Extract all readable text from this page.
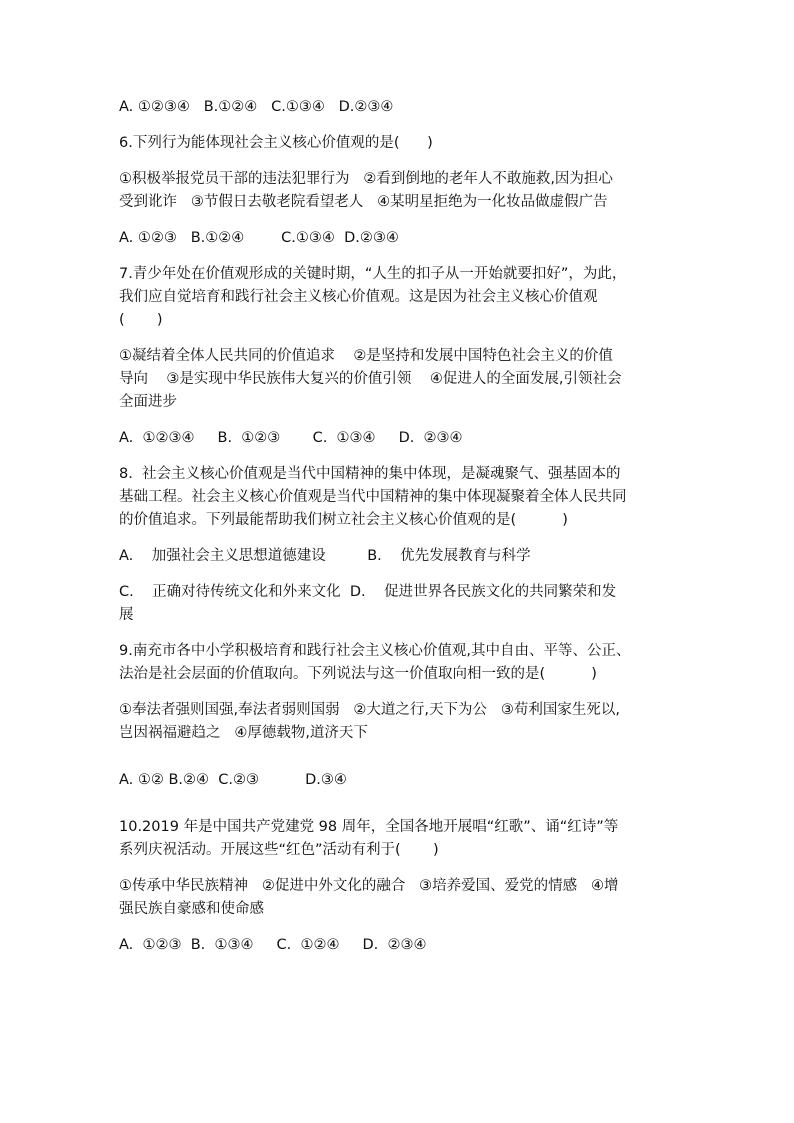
A. ①②③④   B.①②④   C.①③④   D.②③④

6.下列行为能体现社会主义核心价值观的是(      )

①积极举报党员干部的违法犯罪行为   ②看到倒地的老年人不敢施救,因为担心

受到讹诈   ③节假日去敬老院看望老人   ④某明星拒绝为一化妆品做虚假广告

A. ①②③   B.①②④        C.①③④  D.②③④

7.青少年处在价值观形成的关键时期，“人生的扣子从一开始就要扣好”，为此，

我们应自觉培育和践行社会主义核心价值观。这是因为社会主义核心价值观

(       )

①凝结着全体人民共同的价值追求    ②是坚持和发展中国特色社会主义的价值

导向    ③是实现中华民族伟大复兴的价值引领    ④促进人的全面发展,引领社会

全面进步

A.  ①②③④     B.  ①②③       C.  ①③④     D.  ②③④

8.  社会主义核心价值观是当代中国精神的集中体现，是凝魂聚气、强基固本的

基础工程。社会主义核心价值观是当代中国精神的集中体现凝聚着全体人民共同

的价值追求。下列最能帮助我们树立社会主义核心价值观的是(          )

A.    加强社会主义思想道德建设         B.    优先发展教育与科学

C.    正确对待传统文化和外来文化  D.    促进世界各民族文化的共同繁荣和发

展

9.南充市各中小学积极培育和践行社会主义核心价值观,其中自由、平等、公正、

法治是社会层面的价值取向。下列说法与这一价值取向相一致的是(          )

①奉法者强则国强,奉法者弱则国弱   ②大道之行,天下为公   ③苟利国家生死以,

岂因祸福避趋之   ④厚德载物,道济天下

A. ①② B.②④  C.②③          D.③④

10.2019 年是中国共产党建党 98 周年，全国各地开展唱“红歌”、诵“红诗”等

系列庆祝活动。开展这些“红色”活动有利于(       )

①传承中华民族精神   ②促进中外文化的融合   ③培养爱国、爱党的情感   ④增

强民族自豪感和使命感

A.  ①②③  B.  ①③④     C.  ①②④     D.  ②③④
